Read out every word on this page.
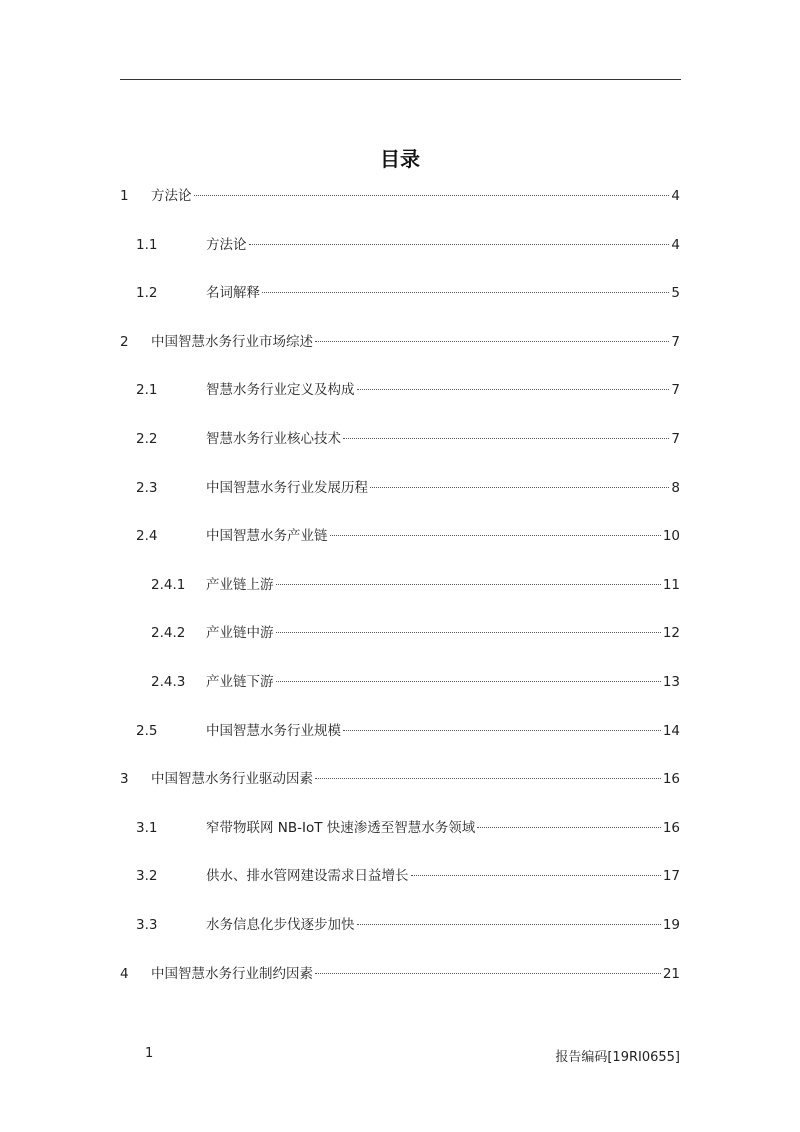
目录
1	方法论	4
1.1	方法论	4
1.2	名词解释	5
2	中国智慧水务行业市场综述	7
2.1	智慧水务行业定义及构成	7
2.2	智慧水务行业核心技术	7
2.3	中国智慧水务行业发展历程	8
2.4	中国智慧水务产业链	10
2.4.1	产业链上游	11
2.4.2	产业链中游	12
2.4.3	产业链下游	13
2.5	中国智慧水务行业规模	14
3	中国智慧水务行业驱动因素	16
3.1	窄带物联网 NB-IoT 快速渗透至智慧水务领域	16
3.2	供水、排水管网建设需求日益增长	17
3.3	水务信息化步伐逐步加快	19
4	中国智慧水务行业制约因素	21
1	报告编码[19RI0655]
